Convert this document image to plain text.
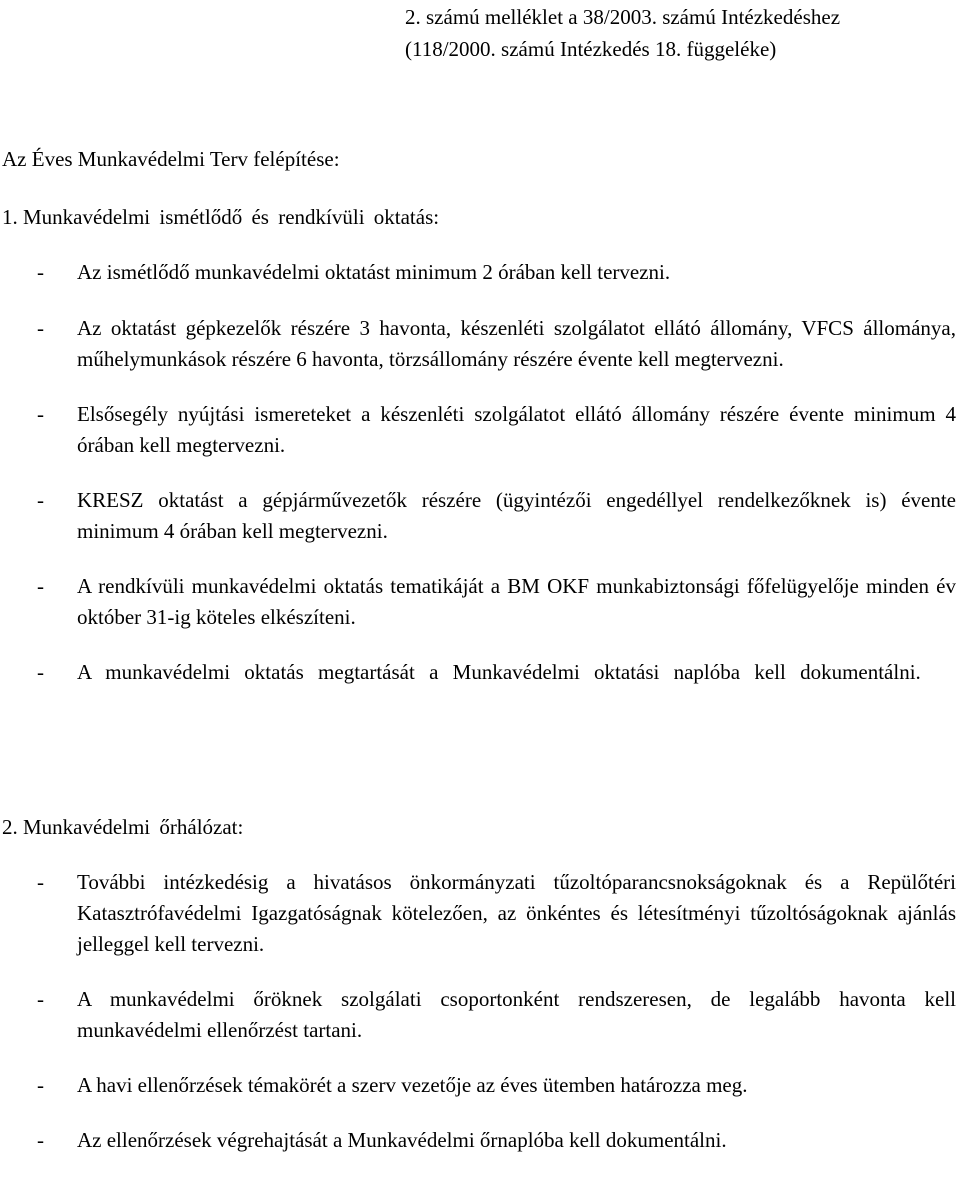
2. számú melléklet a 38/2003. számú Intézkedéshez
(118/2000. számú Intézkedés 18. függeléke)
Az Éves Munkavédelmi Terv felépítése:
1. Munkavédelmi ismétlődő és rendkívüli oktatás:
- Az ismétlődő munkavédelmi oktatást minimum 2 órában kell tervezni.
- Az oktatást gépkezelők részére 3 havonta, készenléti szolgálatot ellátó állomány, VFCS állománya, műhelymunkások részére 6 havonta, törzsállomány részére évente kell megtervezni.
- Elsősegély nyújtási ismereteket a készenléti szolgálatot ellátó állomány részére évente minimum 4 órában kell megtervezni.
- KRESZ oktatást a gépjárművezetők részére (ügyintézői engedéllyel rendelkezőknek is) évente minimum 4 órában kell megtervezni.
- A rendkívüli munkavédelmi oktatás tematikáját a BM OKF munkabiztonsági főfelügyelője minden év október 31-ig köteles elkészíteni.
- A munkavédelmi oktatás megtartását a Munkavédelmi oktatási naplóba kell dokumentálni.
2. Munkavédelmi őrhálózat:
- További intézkedésig a hivatásos önkormányzati tűzoltóparancsnokságoknak és a Repülőtéri Katasztrófavédelmi Igazgatóságnak kötelezően, az önkéntes és létesítményi tűzoltóságoknak ajánlás jelleggel kell tervezni.
- A munkavédelmi őröknek szolgálati csoportonként rendszeresen, de legalább havonta kell munkavédelmi ellenőrzést tartani.
- A havi ellenőrzések témakörét a szerv vezetője az éves ütemben határozza meg.
- Az ellenőrzések végrehajtását a Munkavédelmi őrnaplóba kell dokumentálni.
